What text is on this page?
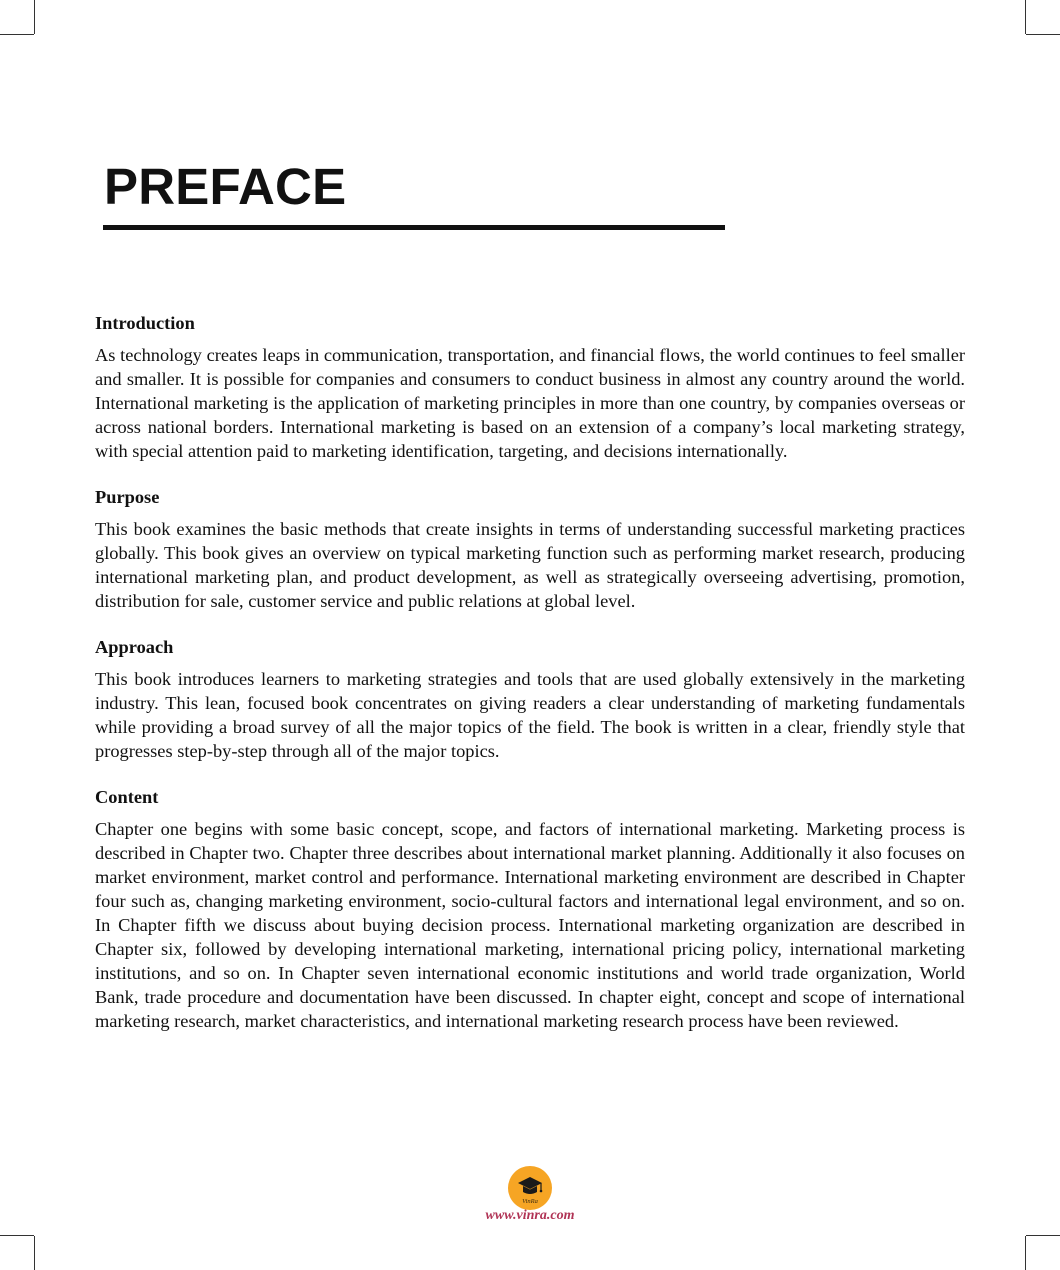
PREFACE
Introduction

As technology creates leaps in communication, transportation, and financial flows, the world continues to feel smaller and smaller. It is possible for companies and consumers to conduct business in almost any country around the world. International marketing is the application of marketing principles in more than one country, by companies overseas or across national borders. International marketing is based on an extension of a company’s local marketing strategy, with special attention paid to marketing identification, targeting, and decisions internationally.

Purpose

This book examines the basic methods that create insights in terms of understanding successful marketing practices globally. This book gives an overview on typical marketing function such as performing market research, producing international marketing plan, and product development, as well as strategically overseeing advertising, promotion, distribution for sale, customer service and public relations at global level.

Approach

This book introduces learners to marketing strategies and tools that are used globally extensively in the marketing industry. This lean, focused book concentrates on giving readers a clear understanding of marketing fundamentals while providing a broad survey of all the major topics of the field. The book is written in a clear, friendly style that progresses step-by-step through all of the major topics.

Content

Chapter one begins with some basic concept, scope, and factors of international marketing. Marketing process is described in Chapter two. Chapter three describes about international market planning. Additionally it also focuses on market environment, market control and performance. International marketing environment are described in Chapter four such as, changing marketing environment, socio-cultural factors and international legal environment, and so on. In Chapter fifth we discuss about buying decision process. International marketing organization are described in Chapter six, followed by developing international marketing, international pricing policy, international marketing institutions, and so on. In Chapter seven international economic institutions and world trade organization, World Bank, trade procedure and documentation have been discussed. In chapter eight, concept and scope of international marketing research, market characteristics, and international marketing research process have been reviewed.

VinRa
www.vinra.com
